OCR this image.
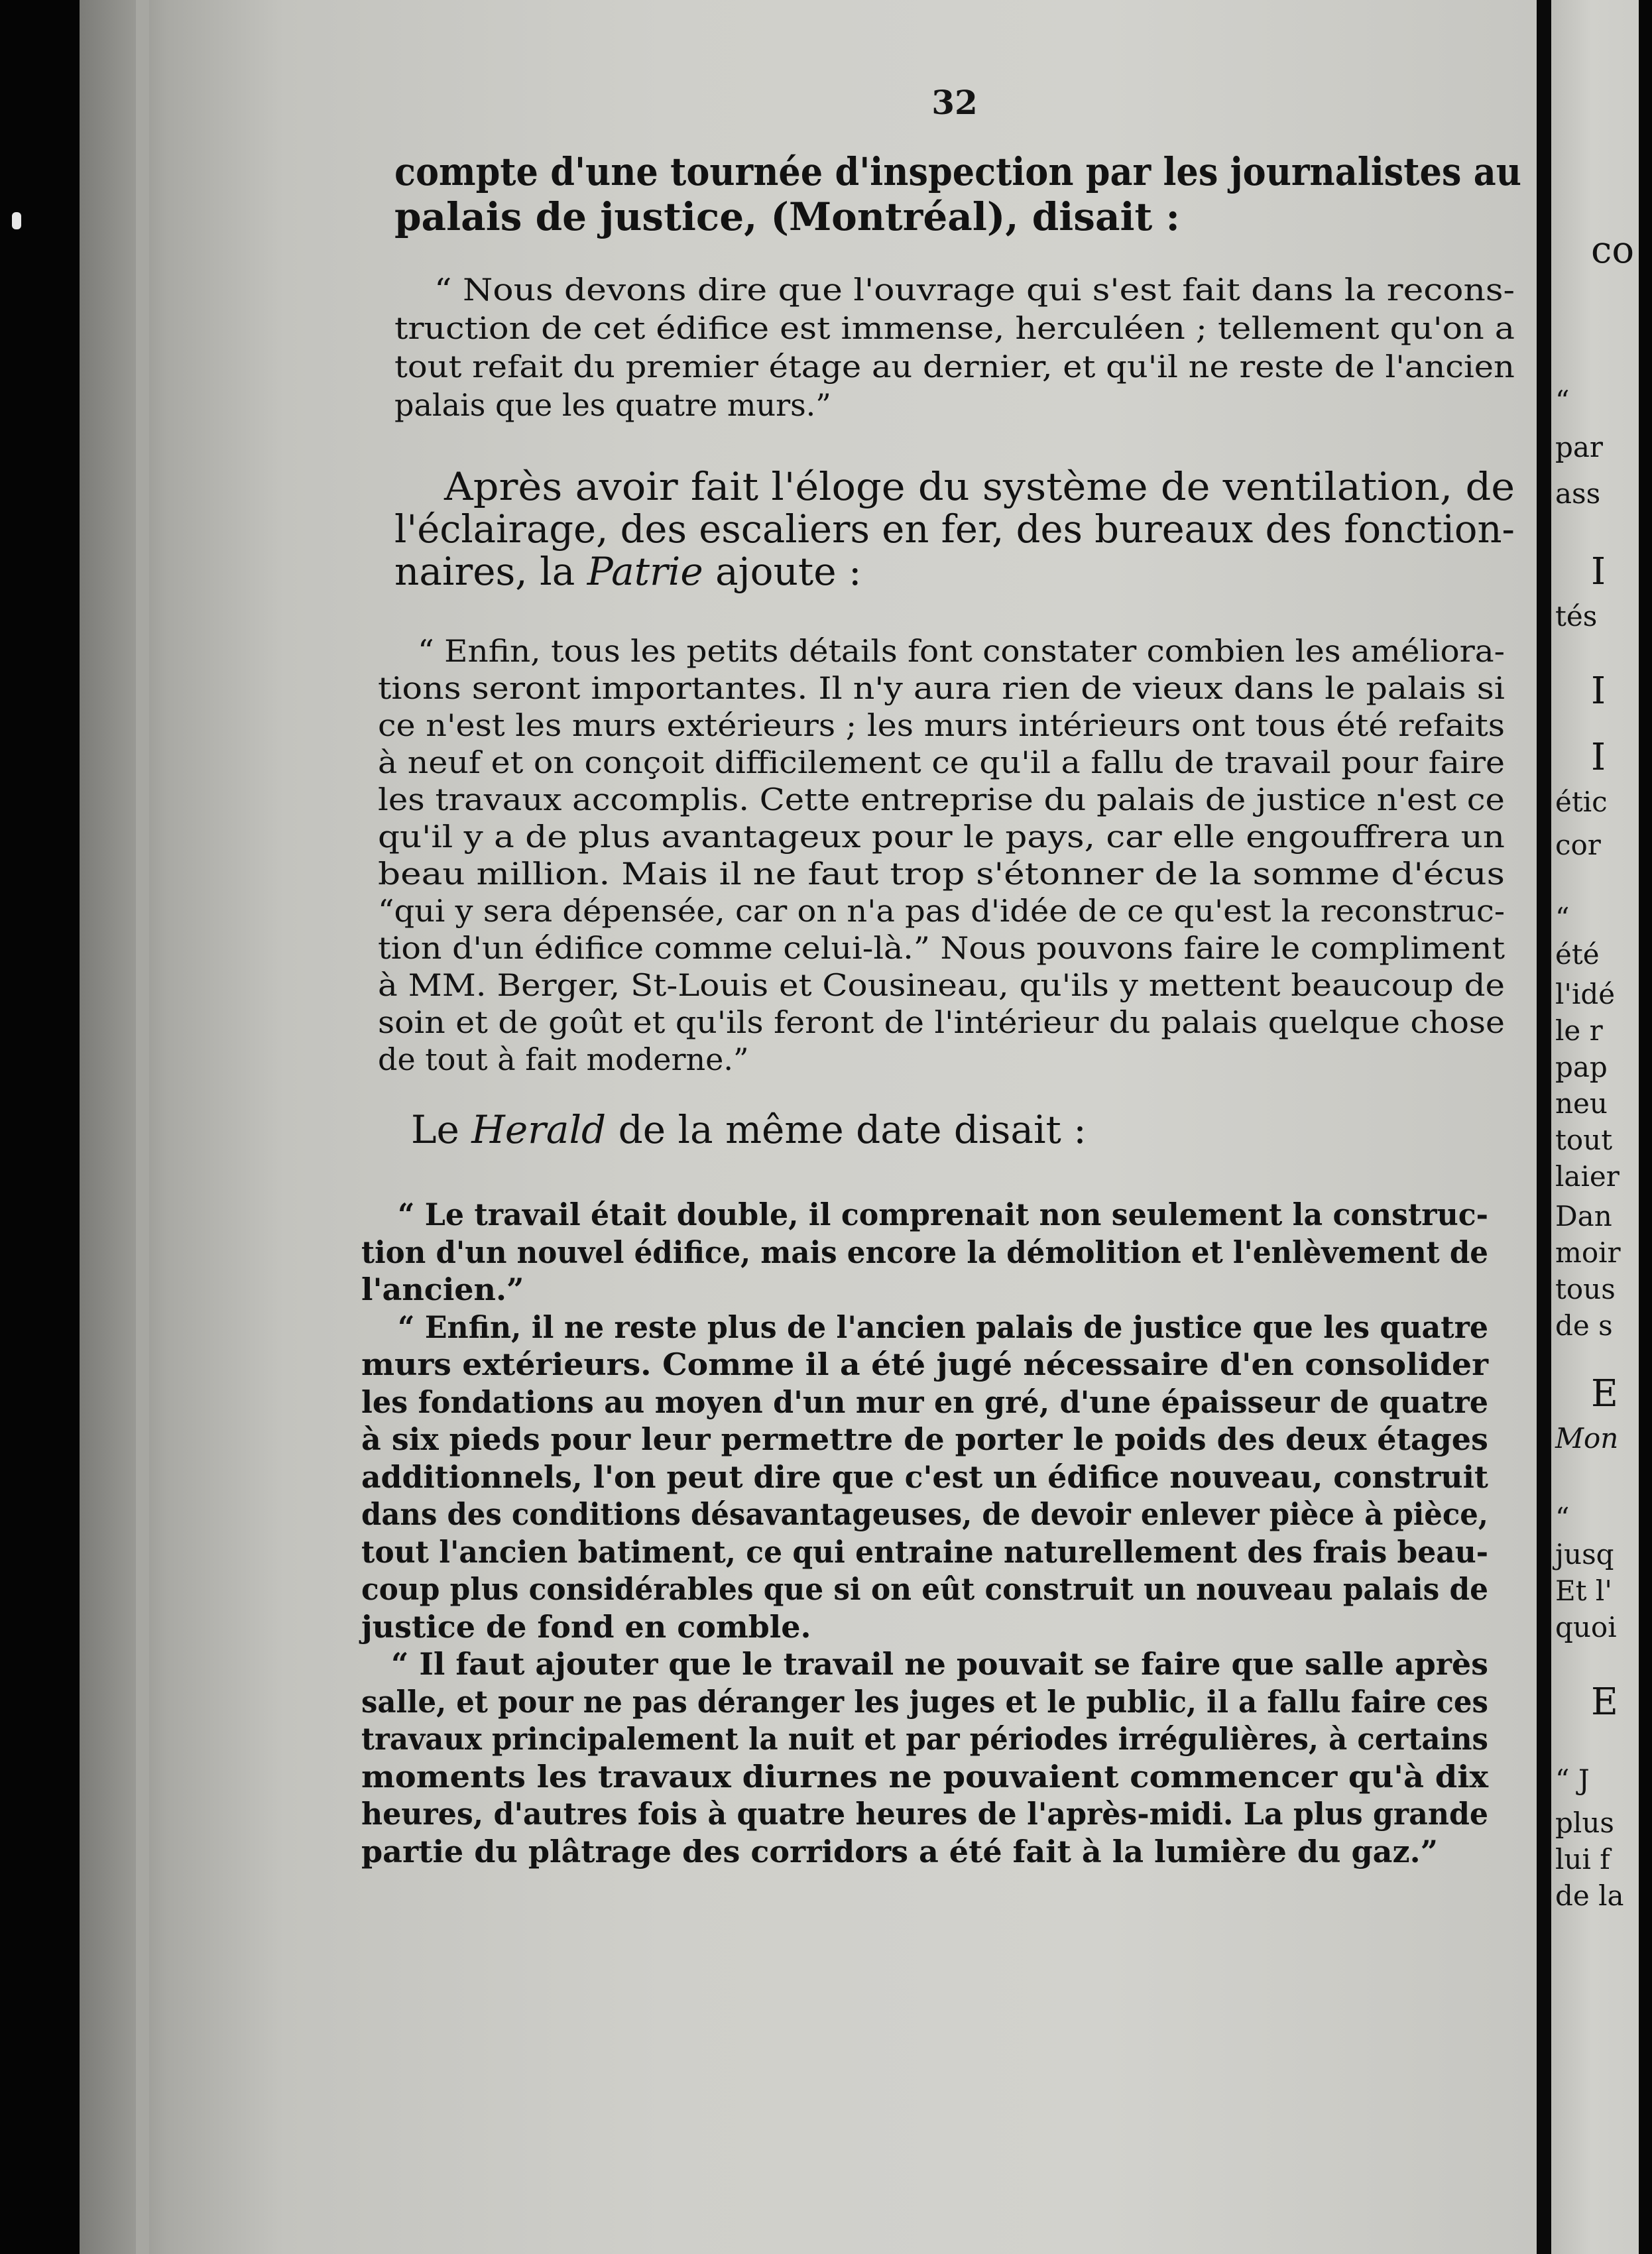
32
compte d'une tournée d'inspection par les journalistes au
palais de justice, (Montréal), disait :
“ Nous devons dire que l'ouvrage qui s'est fait dans la recons-
truction de cet édifice est immense, herculéen ; tellement qu'on a
tout refait du premier étage au dernier, et qu'il ne reste de l'ancien
palais que les quatre murs.”
Après avoir fait l'éloge du système de ventilation, de
l'éclairage, des escaliers en fer, des bureaux des fonction-
naires, la Patrie ajoute :
“ Enfin, tous les petits détails font constater combien les améliora-
tions seront importantes. Il n'y aura rien de vieux dans le palais si
ce n'est les murs extérieurs ; les murs intérieurs ont tous été refaits
à neuf et on conçoit difficilement ce qu'il a fallu de travail pour faire
les travaux accomplis. Cette entreprise du palais de justice n'est ce
qu'il y a de plus avantageux pour le pays, car elle engouffrera un
beau million. Mais il ne faut trop s'étonner de la somme d'écus
“qui y sera dépensée, car on n'a pas d'idée de ce qu'est la reconstruc-
tion d'un édifice comme celui-là.” Nous pouvons faire le compliment
à MM. Berger, St-Louis et Cousineau, qu'ils y mettent beaucoup de
soin et de goût et qu'ils feront de l'intérieur du palais quelque chose
de tout à fait moderne.”
Le Herald de la même date disait :
“ Le travail était double, il comprenait non seulement la construc-
tion d'un nouvel édifice, mais encore la démolition et l'enlèvement de
l'ancien.”
“ Enfin, il ne reste plus de l'ancien palais de justice que les quatre
murs extérieurs. Comme il a été jugé nécessaire d'en consolider
les fondations au moyen d'un mur en gré, d'une épaisseur de quatre
à six pieds pour leur permettre de porter le poids des deux étages
additionnels, l'on peut dire que c'est un édifice nouveau, construit
dans des conditions désavantageuses, de devoir enlever pièce à pièce,
tout l'ancien batiment, ce qui entraine naturellement des frais beau-
coup plus considérables que si on eût construit un nouveau palais de
justice de fond en comble.
“ Il faut ajouter que le travail ne pouvait se faire que salle après
salle, et pour ne pas déranger les juges et le public, il a fallu faire ces
travaux principalement la nuit et par périodes irrégulières, à certains
moments les travaux diurnes ne pouvaient commencer qu'à dix
heures, d'autres fois à quatre heures de l'après-midi. La plus grande
partie du plâtrage des corridors a été fait à la lumière du gaz.”
co
“
par
ass
I
tés
I
I
étic
cor
“
été
l'idé
le r
pap
neu
tout
laier
Dan
moir
tous
de s
E
Mon
“
jusq
Et l'
quoi
E
“ J
plus
lui f
de la
